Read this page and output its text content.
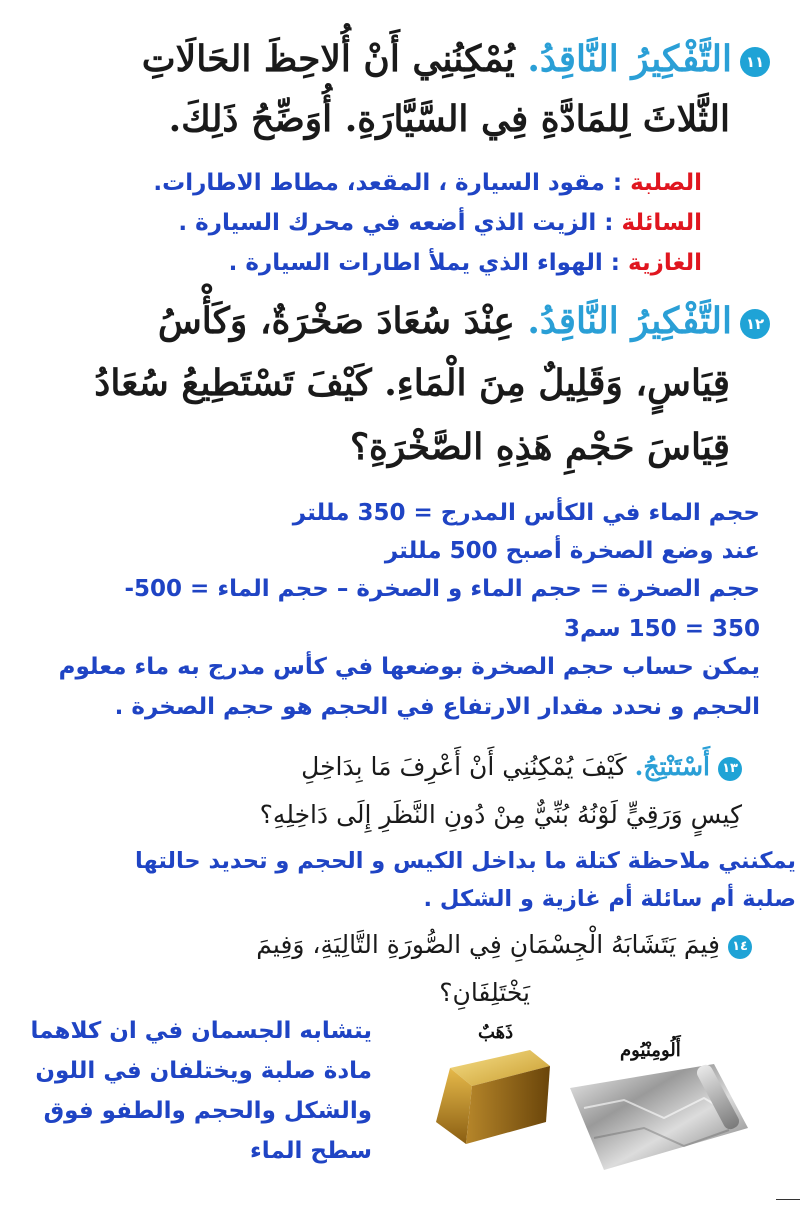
١١التَّفْكِيرُ النَّاقِدُ. يُمْكِنُنِي أَنْ أُلاحِظَ الحَالَاتِ
الثَّلاثَ لِلمَادَّةِ فِي السَّيَّارَةِ. أُوَضِّحُ ذَلِكَ.
الصلبة : مقود السيارة ، المقعد، مطاط الاطارات.
السائلة : الزيت الذي أضعه في محرك السيارة .
الغازية : الهواء الذي يملأ اطارات السيارة .
١٢التَّفْكِيرُ النَّاقِدُ. عِنْدَ سُعَادَ صَخْرَةٌ، وَكَأْسُ
قِيَاسٍ، وَقَلِيلٌ مِنَ الْمَاءِ. كَيْفَ تَسْتَطِيعُ سُعَادُ
قِيَاسَ حَجْمِ هَذِهِ الصَّخْرَةِ؟
حجم الماء في الكأس المدرج = 350 مللتر
عند وضع الصخرة أصبح 500 مللتر
حجم الصخرة = حجم الماء و الصخرة – حجم الماء = 500-
350 = 150 سم3
يمكن حساب حجم الصخرة بوضعها في كأس مدرج به ماء معلوم
الحجم و نحدد مقدار الارتفاع في الحجم هو حجم الصخرة .
١٣أَسْتَنْتِجُ. كَيْفَ يُمْكِنُنِي أَنْ أَعْرِفَ مَا بِدَاخِلِ
كِيسٍ وَرَقِيٍّ لَوْنُهُ بُنِّيٌّ مِنْ دُونِ النَّظَرِ إِلَى دَاخِلِهِ؟
يمكنني ملاحظة كتلة ما بداخل الكيس و الحجم و تحديد حالتها
صلبة أم سائلة أم غازية و الشكل .
١٤فِيمَ يَتَشَابَهُ الْجِسْمَانِ فِي الصُّورَةِ التَّالِيَةِ، وَفِيمَ
يَخْتَلِفَانِ؟
يتشابه الجسمان في ان كلاهما
مادة صلبة ويختلفان في اللون
والشكل والحجم والطفو فوق
سطح الماء
ذَهَبٌ
أَلُومِنْيُوم
